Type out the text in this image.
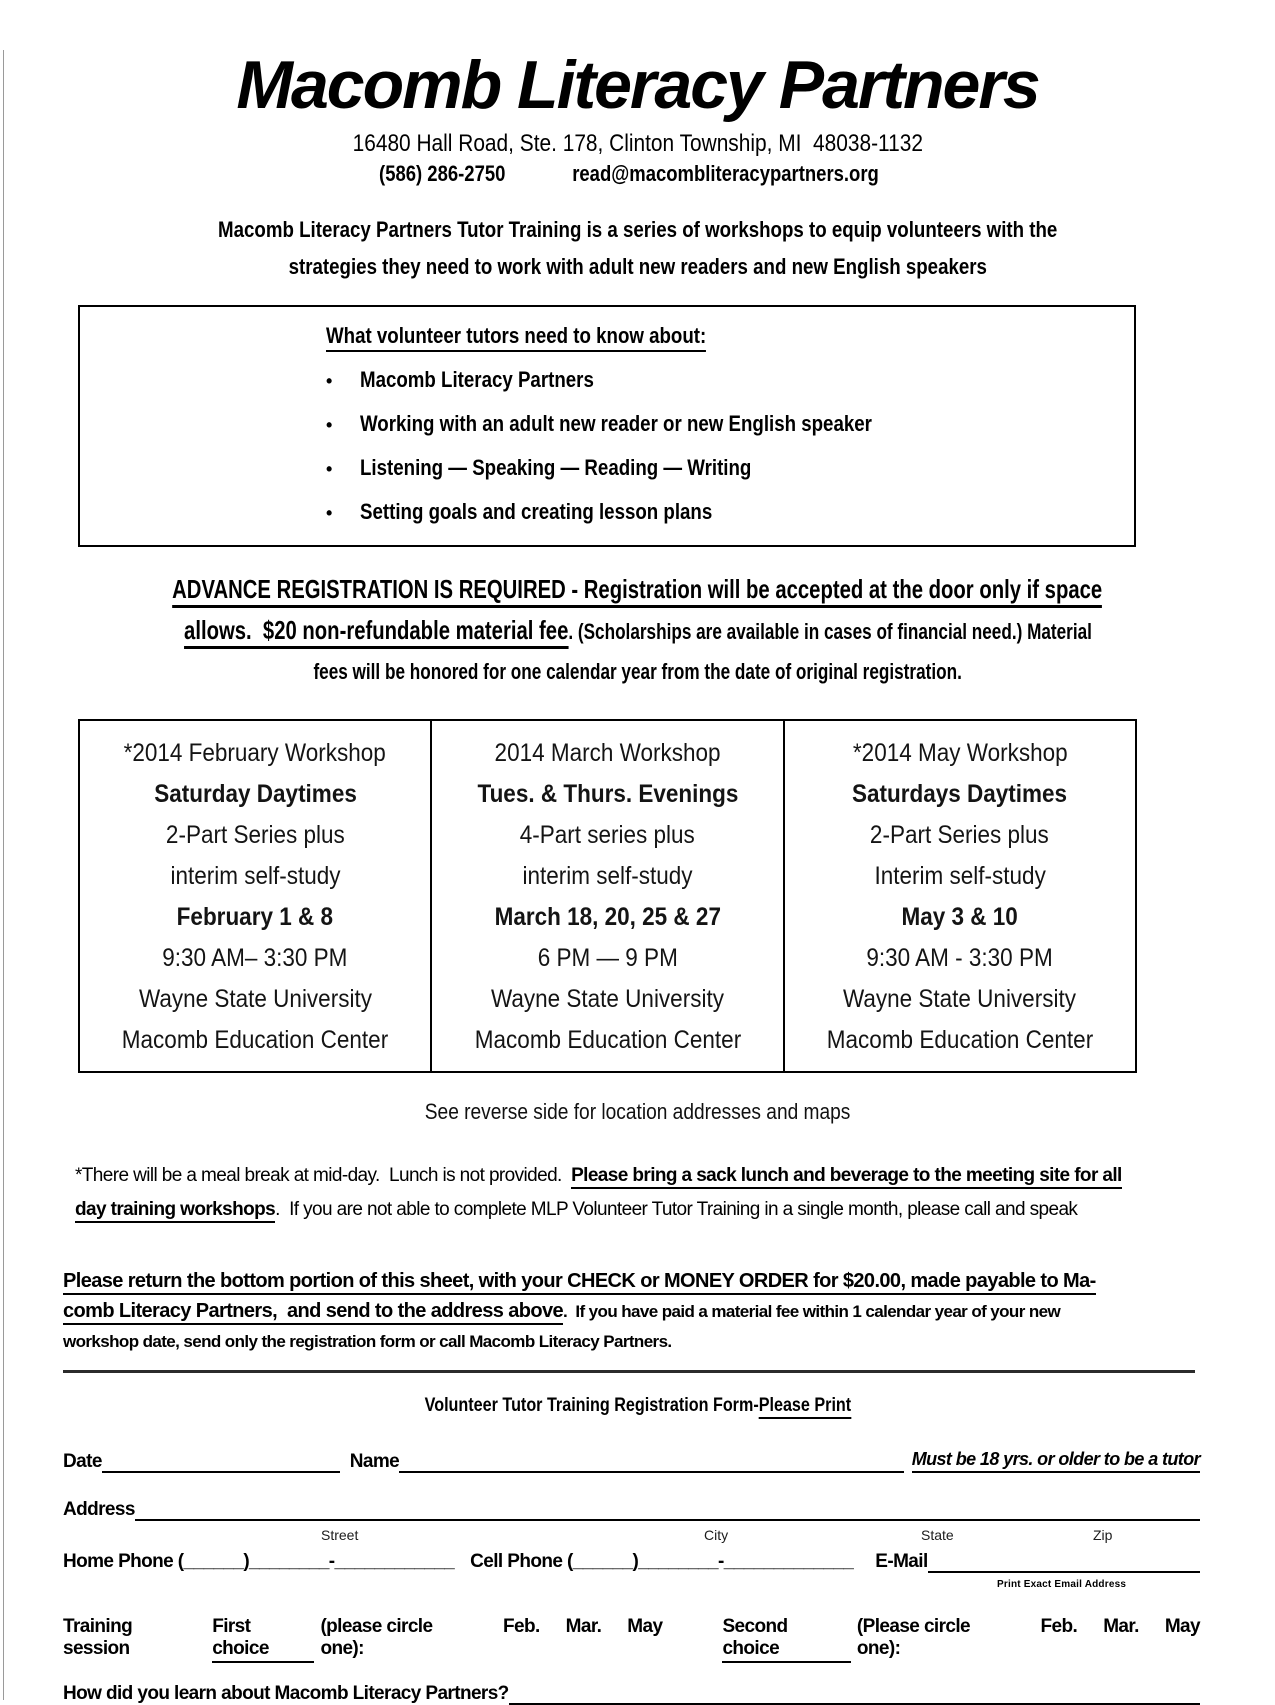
Macomb Literacy Partners
16480 Hall Road, Ste. 178, Clinton Township, MI  48038-1132
(586) 286-2750	read@macombliteracypartners.org
Macomb Literacy Partners Tutor Training is a series of workshops to equip volunteers with the
strategies they need to work with adult new readers and new English speakers
What volunteer tutors need to know about:
•
Macomb Literacy Partners
•
Working with an adult new reader or new English speaker
•
Listening — Speaking — Reading — Writing
•
Setting goals and creating lesson plans
ADVANCE REGISTRATION IS REQUIRED - Registration will be accepted at the door only if space
allows.  $20 non-refundable material fee. (Scholarships are available in cases of financial need.) Material
fees will be honored for one calendar year from the date of original registration.
*2014 February Workshop
Saturday Daytimes
2-Part Series plus
interim self-study
February 1 & 8
9:30 AM– 3:30 PM
Wayne State University
Macomb Education Center
2014 March Workshop
Tues. & Thurs. Evenings
4-Part series plus
interim self-study
March 18, 20, 25 & 27
6 PM — 9 PM
Wayne State University
Macomb Education Center
*2014 May Workshop
Saturdays Daytimes
2-Part Series plus
Interim self-study
May 3 & 10
9:30 AM - 3:30 PM
Wayne State University
Macomb Education Center
See reverse side for location addresses and maps
*There will be a meal break at mid-day.  Lunch is not provided.  Please bring a sack lunch and beverage to the meeting site for all
day training workshops.  If you are not able to complete MLP Volunteer Tutor Training in a single month, please call and speak
Please return the bottom portion of this sheet, with your CHECK or MONEY ORDER for $20.00, made payable to Ma-
comb Literacy Partners,  and send to the address above.  If you have paid a material fee within 1 calendar year of your new
workshop date, send only the registration form or call Macomb Literacy Partners.
Volunteer Tutor Training Registration Form-Please Print
Date	Name	Must be 18 yrs. or older to be a tutor
Address
Street	City	State	Zip
Home Phone (______)________-____________ Cell Phone (______)________-_____________ E-Mail
Print Exact Email Address
Training session
First choice
(please circle one):
Feb. Mar. May	Second choice
(Please circle one):
Feb. Mar. May
How did you learn about Macomb Literacy Partners?
